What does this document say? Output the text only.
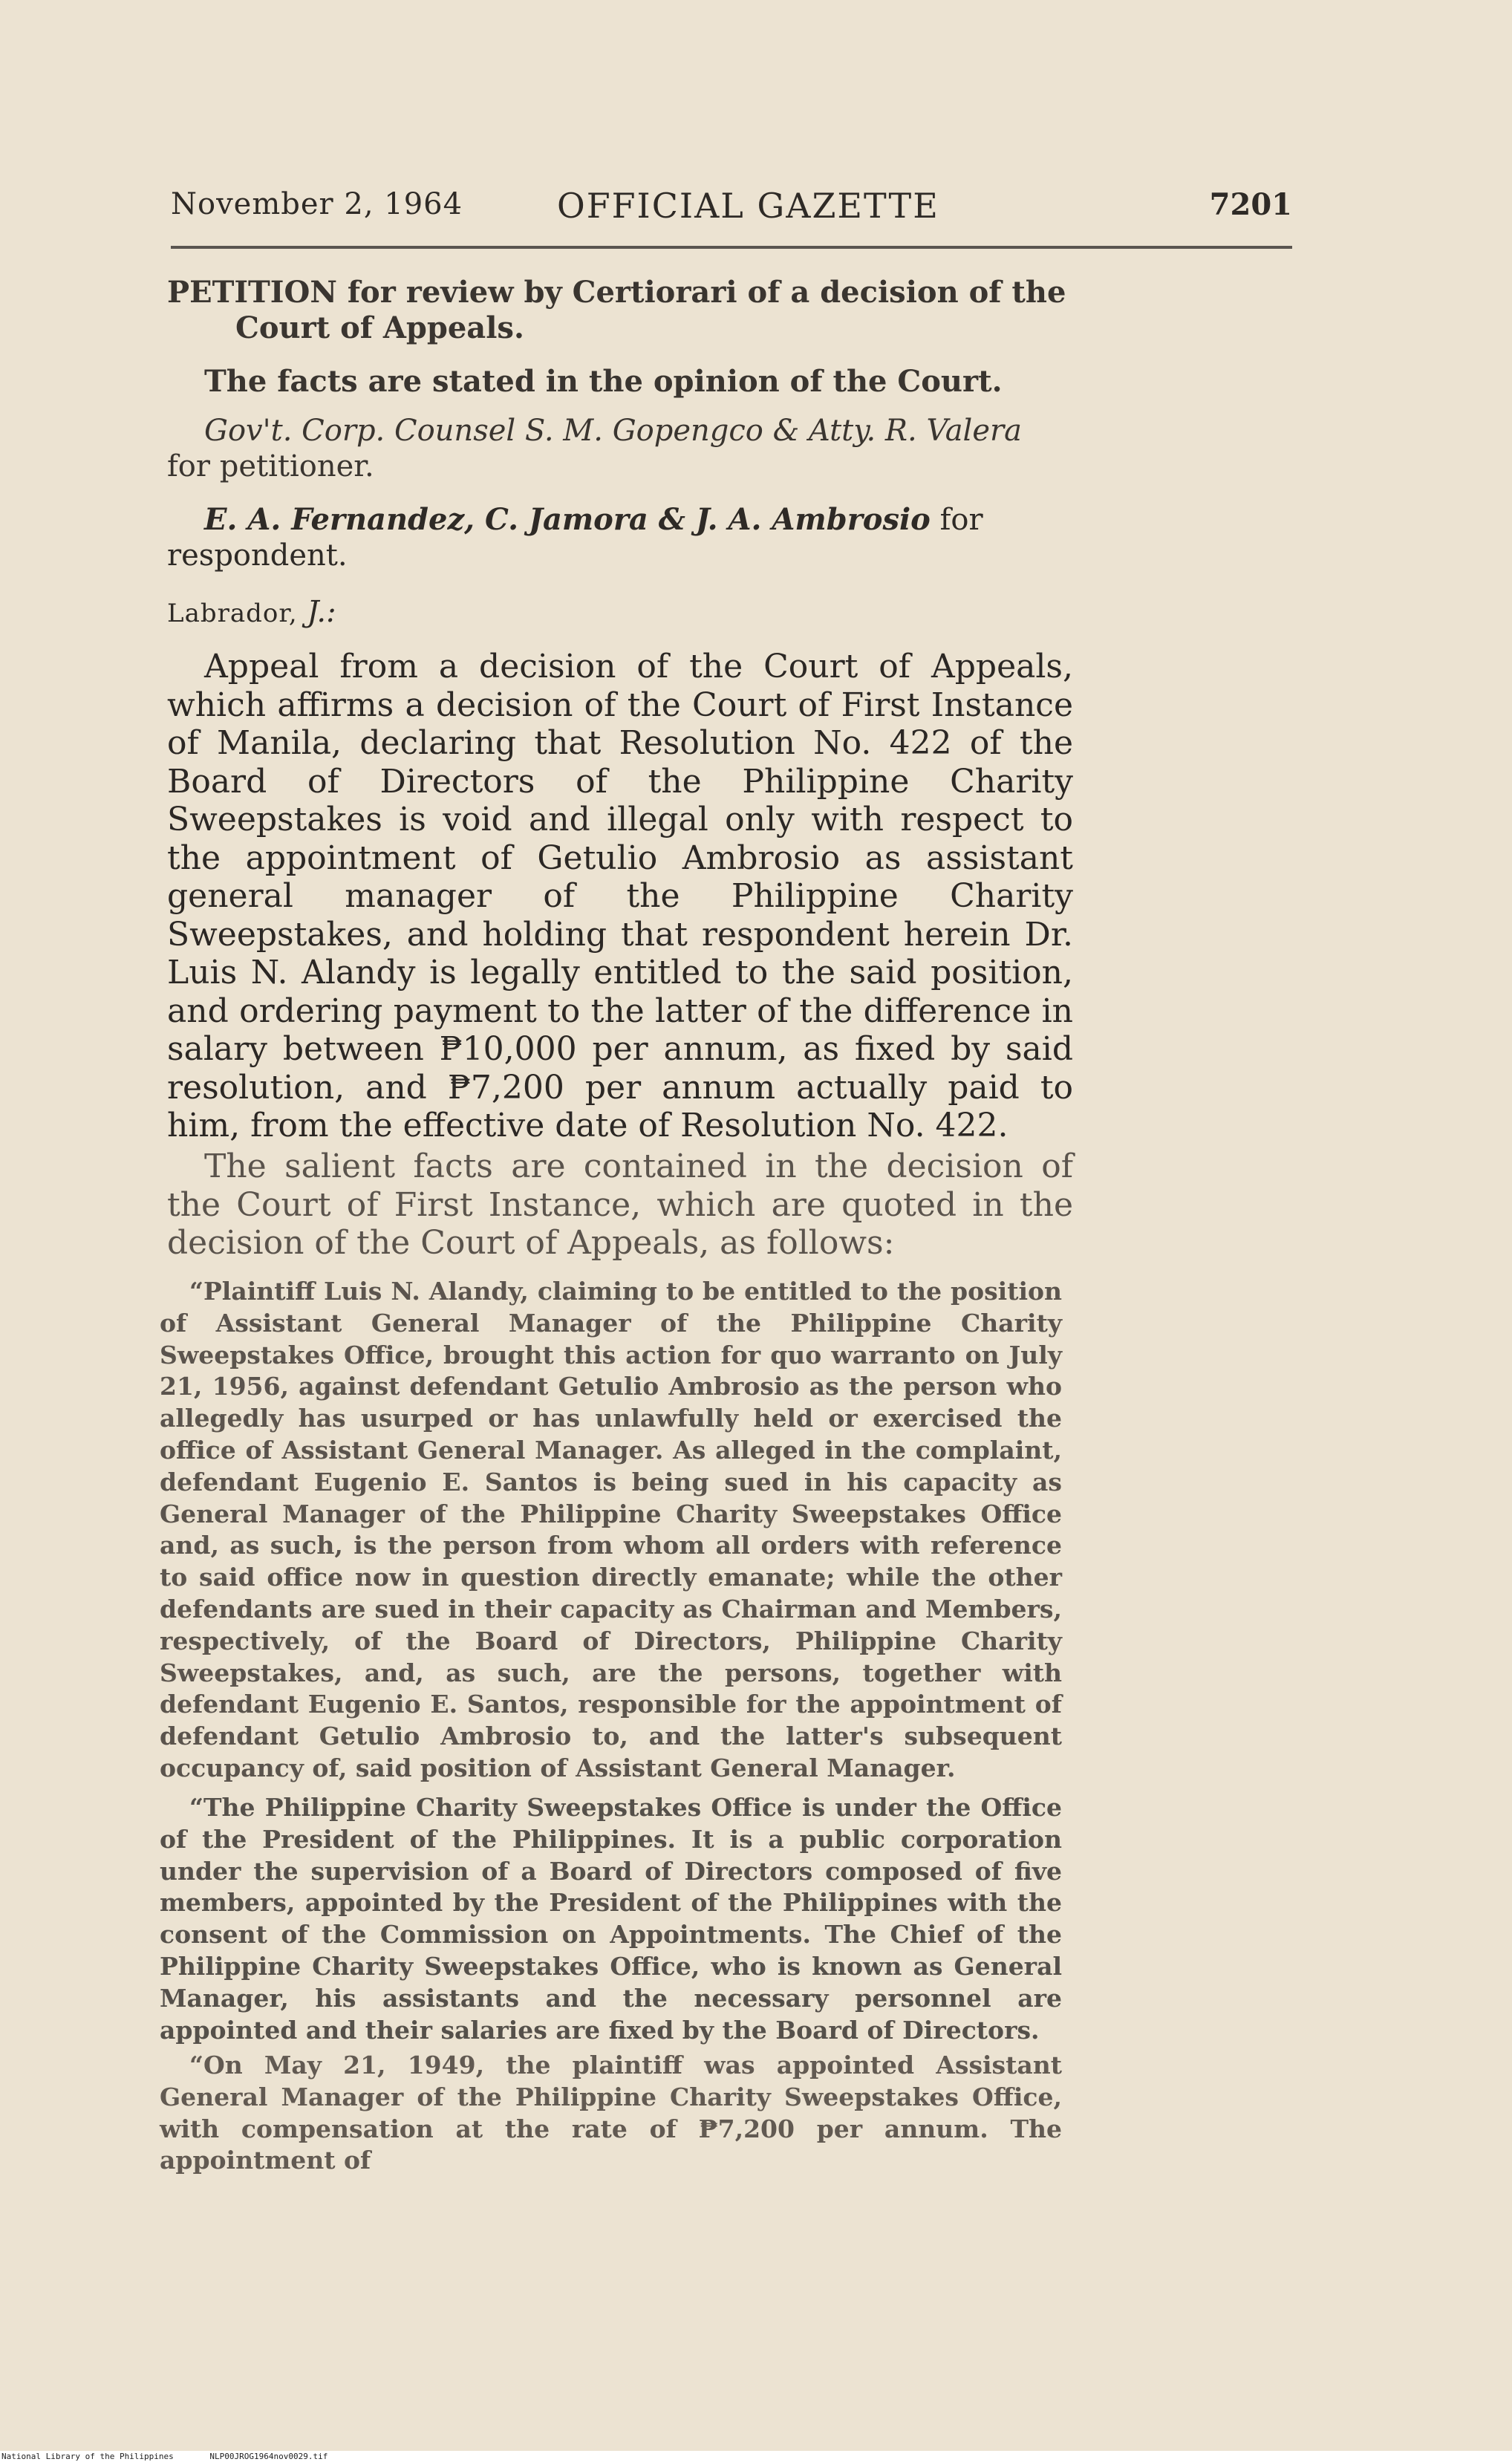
November 2, 1964	OFFICIAL GAZETTE	7201

PETITION for review by Certiorari of a decision of the
Court of Appeals.

The facts are stated in the opinion of the Court.

Gov't. Corp. Counsel S. M. Gopengco & Atty. R. Valera
for petitioner.

E. A. Fernandez, C. Jamora & J. A. Ambrosio for respondent.

Labrador, J.:

Appeal from a decision of the Court of Appeals, which affirms a decision of the Court of First Instance of Manila, declaring that Resolution No. 422 of the Board of Directors of the Philippine Charity Sweepstakes is void and illegal only with respect to the appointment of Getulio Ambrosio as assistant general manager of the Philippine Charity Sweepstakes, and holding that respondent herein Dr. Luis N. Alandy is legally entitled to the said position, and ordering payment to the latter of the difference in salary between ₱10,000 per annum, as fixed by said resolution, and ₱7,200 per annum actually paid to him, from the effective date of Resolution No. 422.

The salient facts are contained in the decision of the Court of First Instance, which are quoted in the decision of the Court of Appeals, as follows:

“Plaintiff Luis N. Alandy, claiming to be entitled to the position of Assistant General Manager of the Philippine Charity Sweepstakes Office, brought this action for quo warranto on July 21, 1956, against defendant Getulio Ambrosio as the person who allegedly has usurped or has unlawfully held or exercised the office of Assistant General Manager. As alleged in the complaint, defendant Eugenio E. Santos is being sued in his capacity as General Manager of the Philippine Charity Sweepstakes Office and, as such, is the person from whom all orders with reference to said office now in question directly emanate; while the other defendants are sued in their capacity as Chairman and Members, respectively, of the Board of Directors, Philippine Charity Sweepstakes, and, as such, are the persons, together with defendant Eugenio E. Santos, responsible for the appointment of defendant Getulio Ambrosio to, and the latter's subsequent occupancy of, said position of Assistant General Manager.

“The Philippine Charity Sweepstakes Office is under the Office of the President of the Philippines. It is a public corporation under the supervision of a Board of Directors composed of five members, appointed by the President of the Philippines with the consent of the Commission on Appointments. The Chief of the Philippine Charity Sweepstakes Office, who is known as General Manager, his assistants and the necessary personnel are appointed and their salaries are fixed by the Board of Directors.

“On May 21, 1949, the plaintiff was appointed Assistant General Manager of the Philippine Charity Sweepstakes Office, with compensation at the rate of ₱7,200 per annum. The appointment of

National Library of the Philippines	NLP00JROG1964nov0029.tif
